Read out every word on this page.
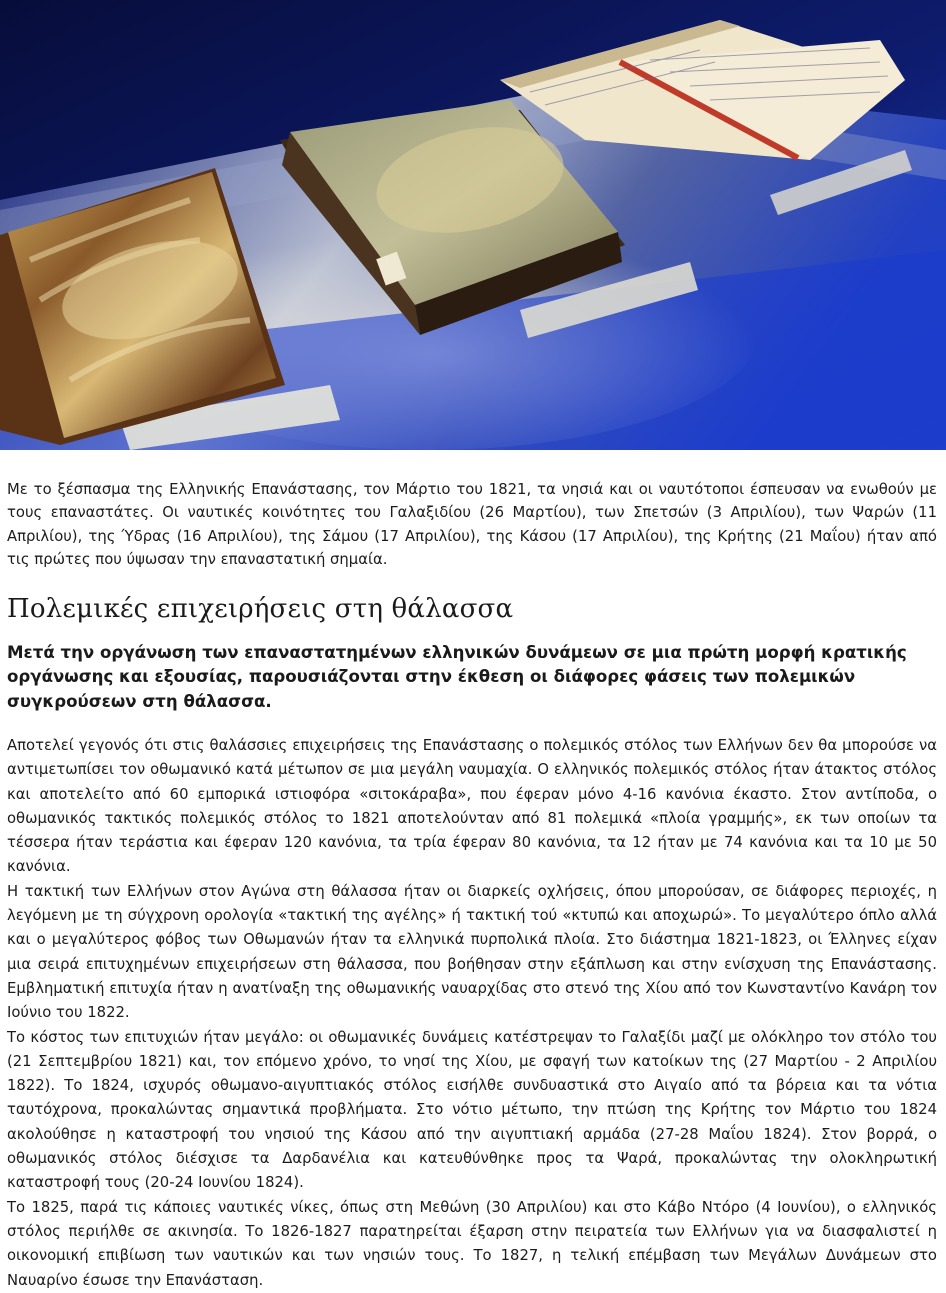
Με το ξέσπασμα της Ελληνικής Επανάστασης, τον Μάρτιο του 1821, τα νησιά και οι ναυτότοποι έσπευσαν να ενωθούν με τους επαναστάτες. Οι ναυτικές κοινότητες του Γαλαξιδίου (26 Μαρτίου), των Σπετσών (3 Απριλίου), των Ψαρών (11 Απριλίου), της Ύδρας (16 Απριλίου), της Σάμου (17 Απριλίου), της Κάσου (17 Απριλίου), της Κρήτης (21 Μαΐου) ήταν από τις πρώτες που ύψωσαν την επαναστατική σημαία.

Πολεμικές επιχειρήσεις στη θάλασσα

Μετά την οργάνωση των επαναστατημένων ελληνικών δυνάμεων σε μια πρώτη μορφή κρατικής οργάνωσης και εξουσίας, παρουσιάζονται στην έκθεση οι διάφορες φάσεις των πολεμικών συγκρούσεων στη θάλασσα.

Αποτελεί γεγονός ότι στις θαλάσσιες επιχειρήσεις της Επανάστασης ο πολεμικός στόλος των Ελλήνων δεν θα μπορούσε να αντιμετωπίσει τον οθωμανικό κατά μέτωπον σε μια μεγάλη ναυμαχία. Ο ελληνικός πολεμικός στόλος ήταν άτακτος στόλος και αποτελείτο από 60 εμπορικά ιστιοφόρα «σιτοκάραβα», που έφεραν μόνο 4-16 κανόνια έκαστο. Στον αντίποδα, ο οθωμανικός τακτικός πολεμικός στόλος το 1821 αποτελούνταν από 81 πολεμικά «πλοία γραμμής», εκ των οποίων τα τέσσερα ήταν τεράστια και έφεραν 120 κανόνια, τα τρία έφεραν 80 κανόνια, τα 12 ήταν με 74 κανόνια και τα 10 με 50 κανόνια.

Η τακτική των Ελλήνων στον Αγώνα στη θάλασσα ήταν οι διαρκείς οχλήσεις, όπου μπορούσαν, σε διάφορες περιοχές, η λεγόμενη με τη σύγχρονη ορολογία «τακτική της αγέλης» ή τακτική τού «κτυπώ και αποχωρώ». Το μεγαλύτερο όπλο αλλά και ο μεγαλύτερος φόβος των Οθωμανών ήταν τα ελληνικά πυρπολικά πλοία. Στο διάστημα 1821-1823, οι Έλληνες είχαν μια σειρά επιτυχημένων επιχειρήσεων στη θάλασσα, που βοήθησαν στην εξάπλωση και στην ενίσχυση της Επανάστασης. Εμβληματική επιτυχία ήταν η ανατίναξη της οθωμανικής ναυαρχίδας στο στενό της Χίου από τον Κωνσταντίνο Κανάρη τον Ιούνιο του 1822.

Το κόστος των επιτυχιών ήταν μεγάλο: οι οθωμανικές δυνάμεις κατέστρεψαν το Γαλαξίδι μαζί με ολόκληρο τον στόλο του (21 Σεπτεμβρίου 1821) και, τον επόμενο χρόνο, το νησί της Χίου, με σφαγή των κατοίκων της (27 Μαρτίου - 2 Απριλίου 1822). Το 1824, ισχυρός οθωμανο-αιγυπτιακός στόλος εισήλθε συνδυαστικά στο Αιγαίο από τα βόρεια και τα νότια ταυτόχρονα, προκαλώντας σημαντικά προβλήματα. Στο νότιο μέτωπο, την πτώση της Κρήτης τον Μάρτιο του 1824 ακολούθησε η καταστροφή του νησιού της Κάσου από την αιγυπτιακή αρμάδα (27-28 Μαΐου 1824). Στον βορρά, ο οθωμανικός στόλος διέσχισε τα Δαρδανέλια και κατευθύνθηκε προς τα Ψαρά, προκαλώντας την ολοκληρωτική καταστροφή τους (20-24 Ιουνίου 1824).

Το 1825, παρά τις κάποιες ναυτικές νίκες, όπως στη Μεθώνη (30 Απριλίου) και στο Κάβο Ντόρο (4 Ιουνίου), ο ελληνικός στόλος περιήλθε σε ακινησία. Το 1826-1827 παρατηρείται έξαρση στην πειρατεία των Ελλήνων για να διασφαλιστεί η οικονομική επιβίωση των ναυτικών και των νησιών τους. Το 1827, η τελική επέμβαση των Μεγάλων Δυνάμεων στο Ναυαρίνο έσωσε την Επανάσταση.
